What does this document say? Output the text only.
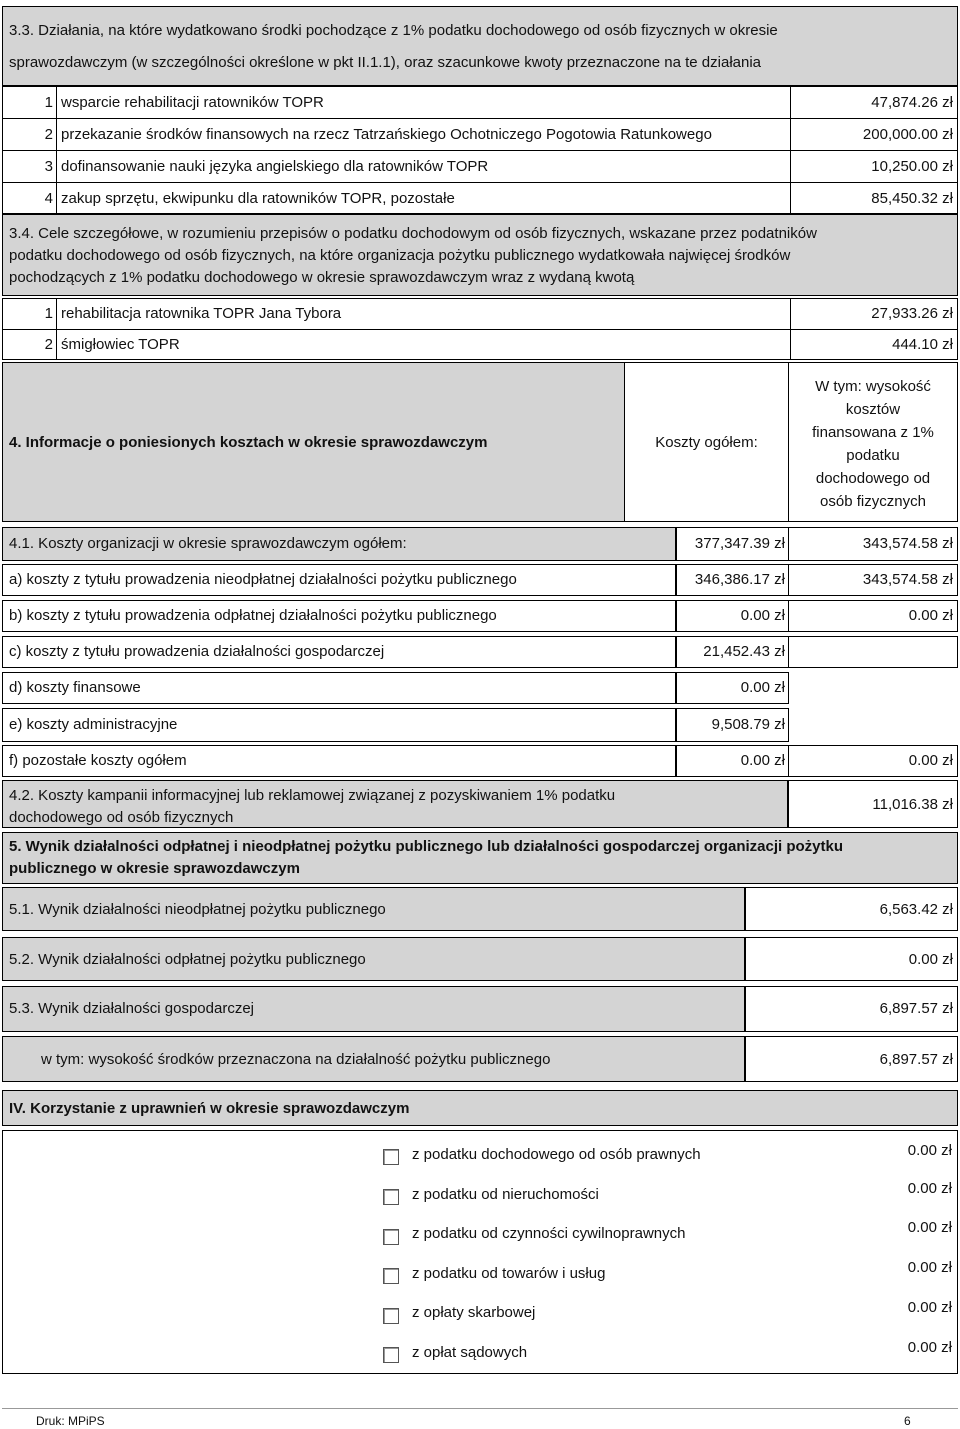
3.3. Działania, na które wydatkowano środki pochodzące z 1% podatku dochodowego od osób fizycznych w okresie
sprawozdawczym (w szczególności określone w pkt II.1.1), oraz szacunkowe kwoty przeznaczone na te działania
1 wsparcie rehabilitacji ratowników TOPR	47,874.26 zł
2 przekazanie środków finansowych na rzecz Tatrzańskiego Ochotniczego Pogotowia Ratunkowego	200,000.00 zł
3 dofinansowanie nauki języka angielskiego dla ratowników TOPR	10,250.00 zł
4 zakup sprzętu, ekwipunku dla ratowników TOPR, pozostałe	85,450.32 zł
3.4. Cele szczegółowe, w rozumieniu przepisów o podatku dochodowym od osób fizycznych, wskazane przez podatników
podatku dochodowego od osób fizycznych, na które organizacja pożytku publicznego wydatkowała najwięcej środków
pochodzących z 1% podatku dochodowego w okresie sprawozdawczym wraz z wydaną kwotą
1 rehabilitacja ratownika TOPR Jana Tybora	27,933.26 zł
2 śmigłowiec TOPR	444.10 zł
4. Informacje o poniesionych kosztach w okresie sprawozdawczym	Koszty ogółem:
W tym: wysokość
kosztów
finansowana z 1%
podatku
dochodowego od
osób fizycznych
4.1. Koszty organizacji w okresie sprawozdawczym ogółem:	377,347.39 zł	343,574.58 zł
a) koszty z tytułu prowadzenia nieodpłatnej działalności pożytku publicznego	346,386.17 zł	343,574.58 zł
b) koszty z tytułu prowadzenia odpłatnej działalności pożytku publicznego	0.00 zł	0.00 zł
c) koszty z tytułu prowadzenia działalności gospodarczej	21,452.43 zł
d) koszty finansowe	0.00 zł
e) koszty administracyjne	9,508.79 zł
f) pozostałe koszty ogółem	0.00 zł	0.00 zł
4.2. Koszty kampanii informacyjnej lub reklamowej związanej z pozyskiwaniem 1% podatku
dochodowego od osób fizycznych
11,016.38 zł
5. Wynik działalności odpłatnej i nieodpłatnej pożytku publicznego lub działalności gospodarczej organizacji pożytku
publicznego w okresie sprawozdawczym
5.1. Wynik działalności nieodpłatnej pożytku publicznego	6,563.42 zł
5.2. Wynik działalności odpłatnej pożytku publicznego	0.00 zł
5.3. Wynik działalności gospodarczej	6,897.57 zł
w tym: wysokość środków przeznaczona na działalność pożytku publicznego	6,897.57 zł
IV. Korzystanie z uprawnień w okresie sprawozdawczym
z podatku dochodowego od osób prawnych	0.00 zł
z podatku od nieruchomości	0.00 zł
z podatku od czynności cywilnoprawnych	0.00 zł
z podatku od towarów i usług	0.00 zł
z opłaty skarbowej	0.00 zł
z opłat sądowych	0.00 zł
Druk: MPiPS	6
